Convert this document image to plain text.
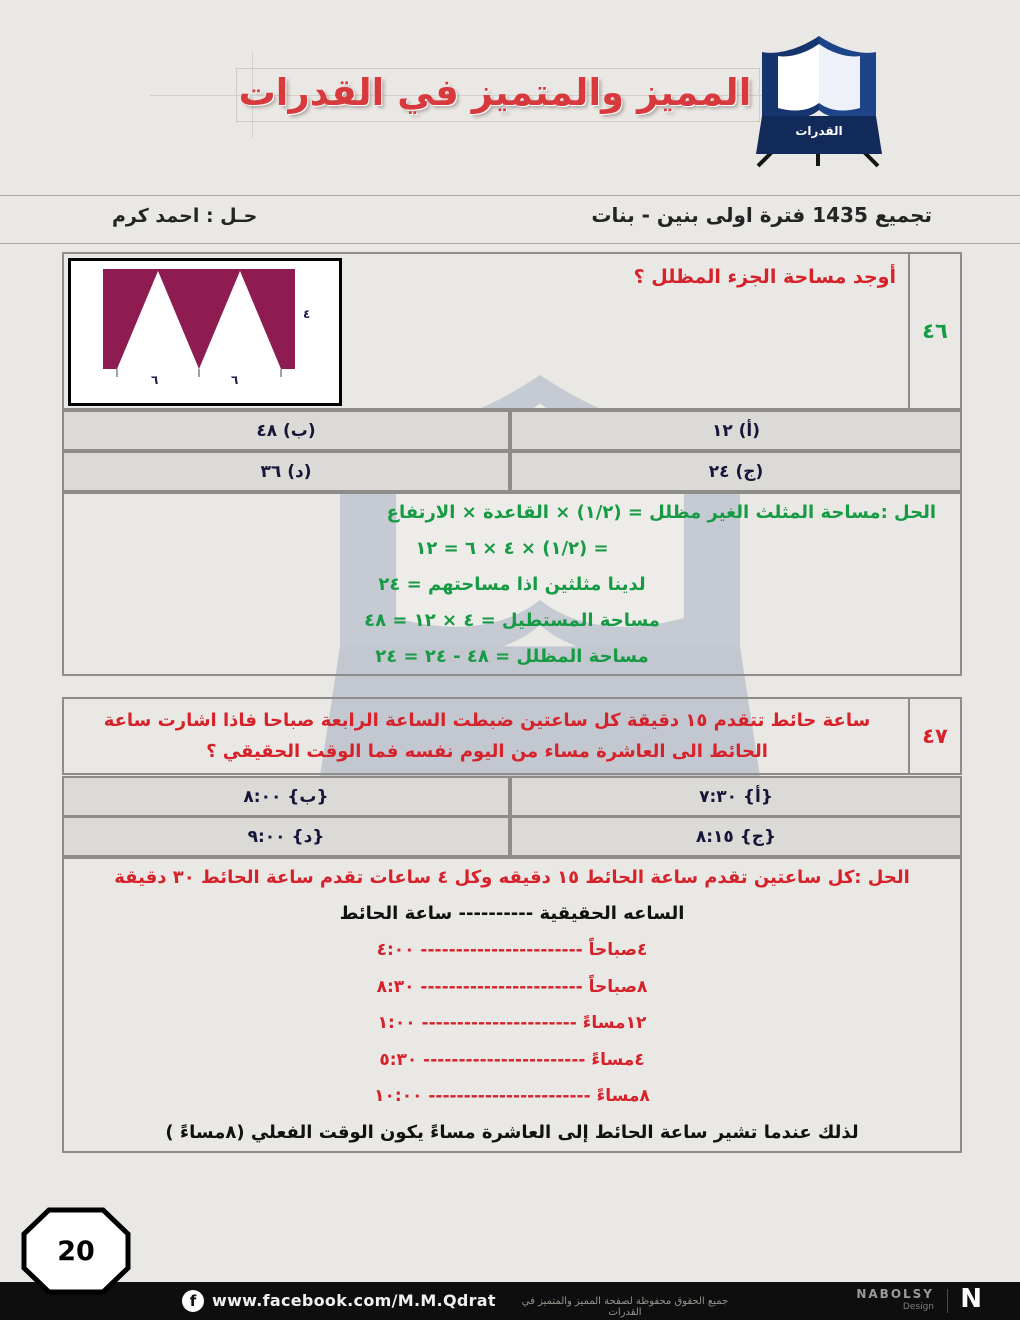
المميز والمتميز في القدرات
القدرات
تجميع 1435 فترة اولى بنين - بنات
حـل : احمد كرم
٤٦
أوجد مساحة الجزء المظلل ؟
٤
٦	٦
(أ) ١٢
(ب) ٤٨
(ج) ٢٤
(د) ٣٦
الحل :مساحة المثلث الغير مظلل = (١/٢) × القاعدة × الارتفاع
= (١/٢) × ٤ × ٦ = ١٢
لدينا مثلثين اذا مساحتهم = ٢٤
مساحة المستطيل = ٤ × ١٢ = ٤٨
مساحة المظلل = ٤٨ - ٢٤ = ٢٤
٤٧
ساعة حائط تتقدم ١٥ دقيقة كل ساعتين ضبطت الساعة الرابعة صباحا فاذا اشارت ساعة الحائط الى العاشرة مساء من اليوم نفسه فما الوقت الحقيقي ؟
{أ} ٧:٣٠
{ب} ٨:٠٠
{ج} ٨:١٥
{د} ٩:٠٠
الحل :كل ساعتين تقدم ساعة الحائط ١٥ دقيقه وكل ٤ ساعات تقدم ساعة الحائط ٣٠ دقيقة
الساعه الحقيقية ---------- ساعة الحائط
٤صباحاً ----------------------- ٤:٠٠
٨صباحاً ----------------------- ٨:٣٠
١٢مساءً ---------------------- ١:٠٠
٤مساءً ----------------------- ٥:٣٠
٨مساءً ----------------------- ١٠:٠٠
لذلك عندما تشير ساعة الحائط إلى العاشرة مساءً يكون الوقت الفعلي (٨مساءً )
20
f www.facebook.com/M.M.Qdrat	جميع الحقوق محفوظة لصفحة المميز والمتميز في القدرات
NABOLSY
Design N
